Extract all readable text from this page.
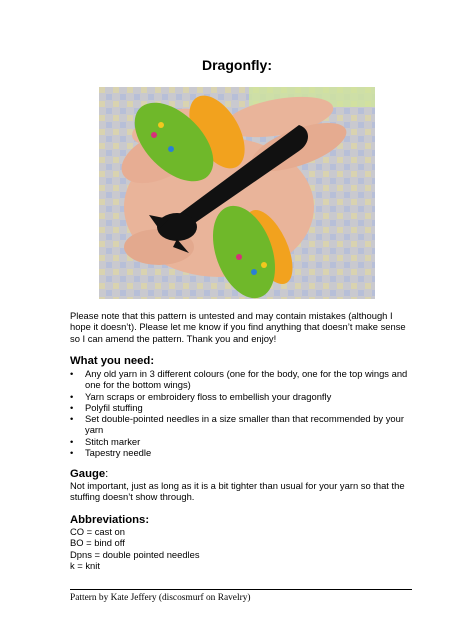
Dragonfly:
Please note that this pattern is untested and may contain mistakes (although I hope it doesn’t). Please let me know if you find anything that doesn’t make sense so I can amend the pattern. Thank you and enjoy!
What you need:
• Any old yarn in 3 different colours (one for the body, one for the top wings and one for the bottom wings)
• Yarn scraps or embroidery floss to embellish your dragonfly
• Polyfil stuffing
• Set double-pointed needles in a size smaller than that recommended by your yarn
• Stitch marker
• Tapestry needle
Gauge:
Not important, just as long as it is a bit tighter than usual for your yarn so that the stuffing doesn’t show through.
Abbreviations:
CO = cast on
BO = bind off
Dpns = double pointed needles
k = knit
Pattern by Kate Jeffery (discosmurf on Ravelry)
